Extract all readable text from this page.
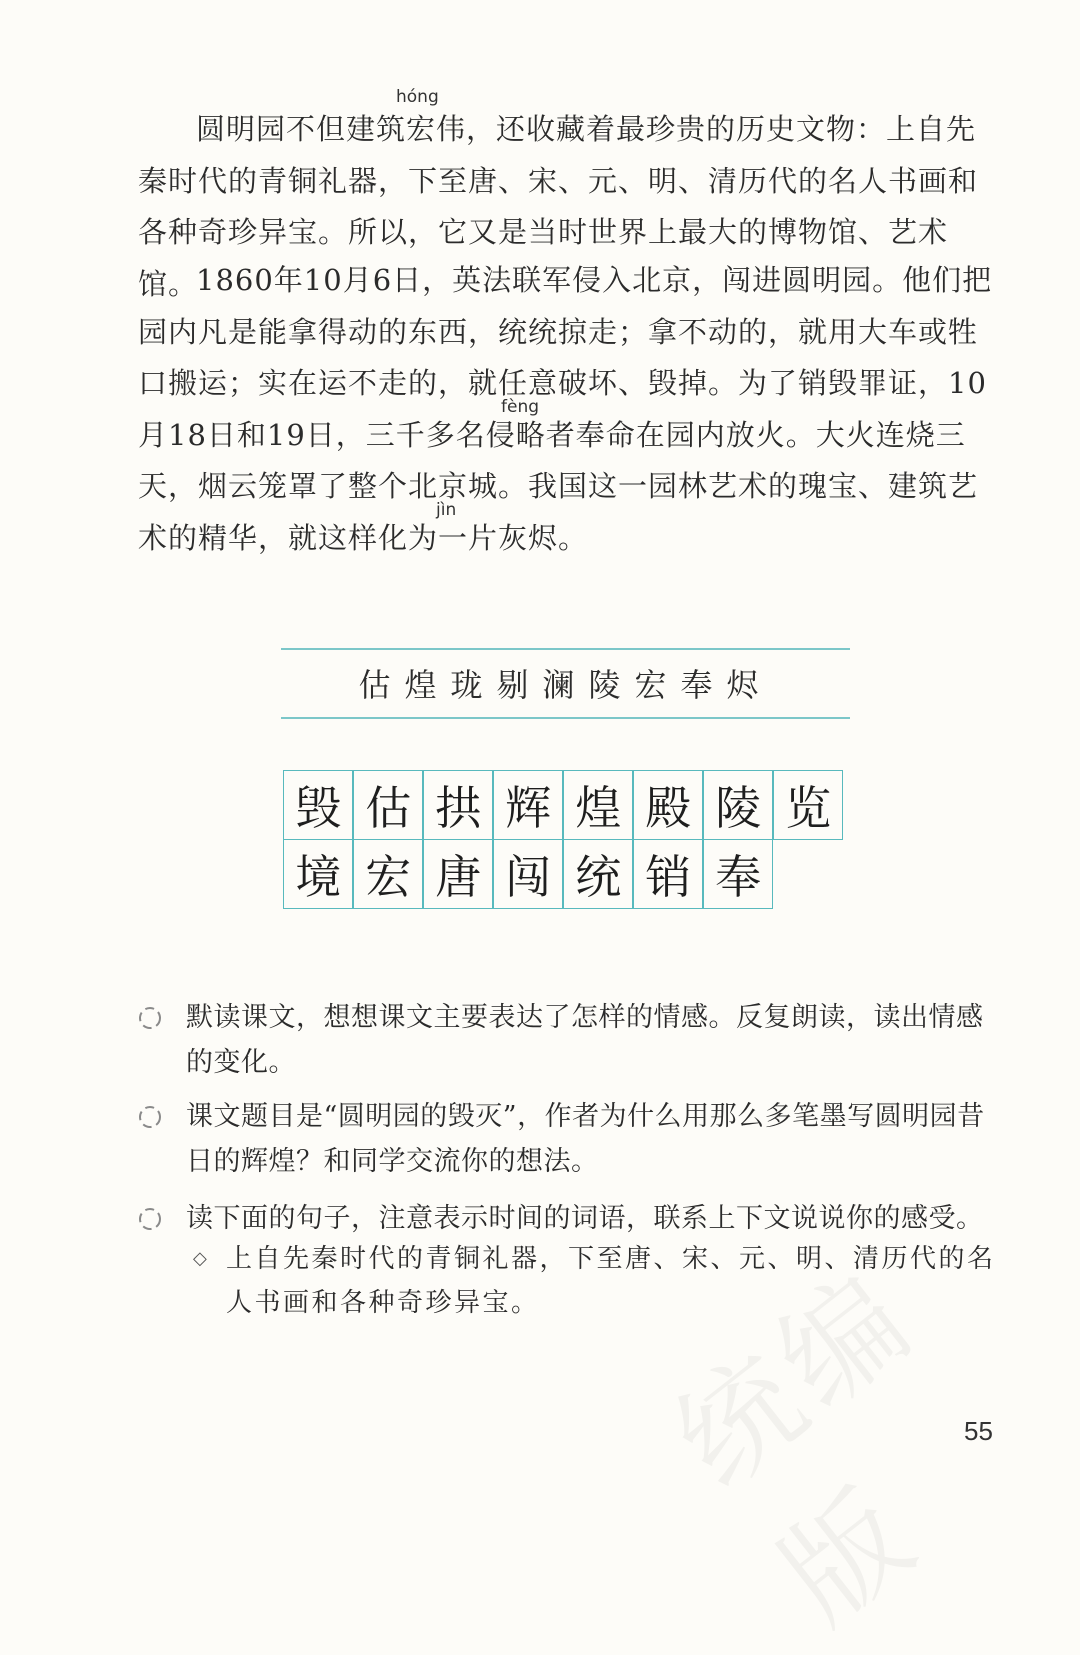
hóng
fèng
jìn

圆明园不但建筑宏伟，还收藏着最珍贵的历史文物：上自先秦时代的青铜礼器，下至唐、宋、元、明、清历代的名人书画和各种奇珍异宝。所以，它又是当时世界上最大的博物馆、艺术馆。

1860年10月6日，英法联军侵入北京，闯进圆明园。他们把园内凡是能拿得动的东西，统统掠走；拿不动的，就用大车或牲口搬运；实在运不走的，就任意破坏、毁掉。为了销毁罪证，10月18日和19日，三千多名侵略者奉命在园内放火。大火连烧三天，烟云笼罩了整个北京城。我国这一园林艺术的瑰宝、建筑艺术的精华，就这样化为一片灰烬。

估煌珑剔澜陵宏奉烬
毁 估 拱 辉 煌 殿 陵 览
境 宏 唐 闯 统 销 奉

默读课文，想想课文主要表达了怎样的情感。反复朗读，读出情感的变化。

课文题目是“圆明园的毁灭”，作者为什么用那么多笔墨写圆明园昔日的辉煌？和同学交流你的想法。

读下面的句子，注意表示时间的词语，联系上下文说说你的感受。

◇ 上自先秦时代的青铜礼器，下至唐、宋、元、明、清历代的名人书画和各种奇珍异宝。

55
